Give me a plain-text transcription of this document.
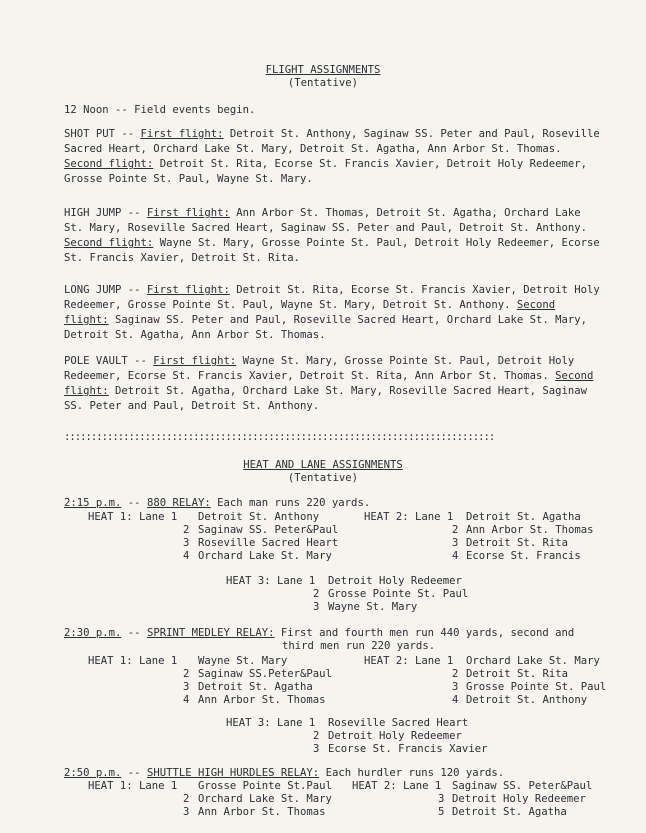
FLIGHT ASSIGNMENTS
(Tentative)
12 Noon -- Field events begin.
SHOT PUT -- First flight: Detroit St. Anthony, Saginaw SS. Peter and Paul, Roseville Sacred Heart, Orchard Lake St. Mary, Detroit St. Agatha, Ann Arbor St. Thomas. Second flight: Detroit St. Rita, Ecorse St. Francis Xavier, Detroit Holy Redeemer, Grosse Pointe St. Paul, Wayne St. Mary.
HIGH JUMP -- First flight: Ann Arbor St. Thomas, Detroit St. Agatha, Orchard Lake St. Mary, Roseville Sacred Heart, Saginaw SS. Peter and Paul, Detroit St. Anthony. Second flight: Wayne St. Mary, Grosse Pointe St. Paul, Detroit Holy Redeemer, Ecorse St. Francis Xavier, Detroit St. Rita.
LONG JUMP -- First flight: Detroit St. Rita, Ecorse St. Francis Xavier, Detroit Holy Redeemer, Grosse Pointe St. Paul, Wayne St. Mary, Detroit St. Anthony. Second flight: Saginaw SS. Peter and Paul, Roseville Sacred Heart, Orchard Lake St. Mary, Detroit St. Agatha, Ann Arbor St. Thomas.
POLE VAULT -- First flight: Wayne St. Mary, Grosse Pointe St. Paul, Detroit Holy Redeemer, Ecorse St. Francis Xavier, Detroit St. Rita, Ann Arbor St. Thomas. Second flight: Detroit St. Agatha, Orchard Lake St. Mary, Roseville Sacred Heart, Saginaw SS. Peter and Paul, Detroit St. Anthony.
::::::::::::::::::::::::::::::::::::::::::::::::::::::::::::::::::::::::::::::::
HEAT AND LANE ASSIGNMENTS
(Tentative)
2:15 p.m. -- 880 RELAY: Each man runs 220 yards.
HEAT 1: Lane 1 Detroit St. Anthony
2 Saginaw SS. Peter&Paul
3 Roseville Sacred Heart
4 Orchard Lake St. Mary
HEAT 2: Lane 1 Detroit St. Agatha
2 Ann Arbor St. Thomas
3 Detroit St. Rita
4 Ecorse St. Francis
HEAT 3: Lane 1 Detroit Holy Redeemer
2 Grosse Pointe St. Paul
3 Wayne St. Mary
2:30 p.m. -- SPRINT MEDLEY RELAY: First and fourth men run 440 yards, second and
third men run 220 yards.
HEAT 1: Lane 1 Wayne St. Mary
2 Saginaw SS.Peter&Paul
3 Detroit St. Agatha
4 Ann Arbor St. Thomas
HEAT 2: Lane 1 Orchard Lake St. Mary
2 Detroit St. Rita
3 Grosse Pointe St. Paul
4 Detroit St. Anthony
HEAT 3: Lane 1 Roseville Sacred Heart
2 Detroit Holy Redeemer
3 Ecorse St. Francis Xavier
2:50 p.m. -- SHUTTLE HIGH HURDLES RELAY: Each hurdler runs 120 yards.
HEAT 1: Lane 1 Grosse Pointe St.Paul
2 Orchard Lake St. Mary
3 Ann Arbor St. Thomas
HEAT 2: Lane 1 Saginaw SS. Peter&Paul
3 Detroit Holy Redeemer
5 Detroit St. Agatha
